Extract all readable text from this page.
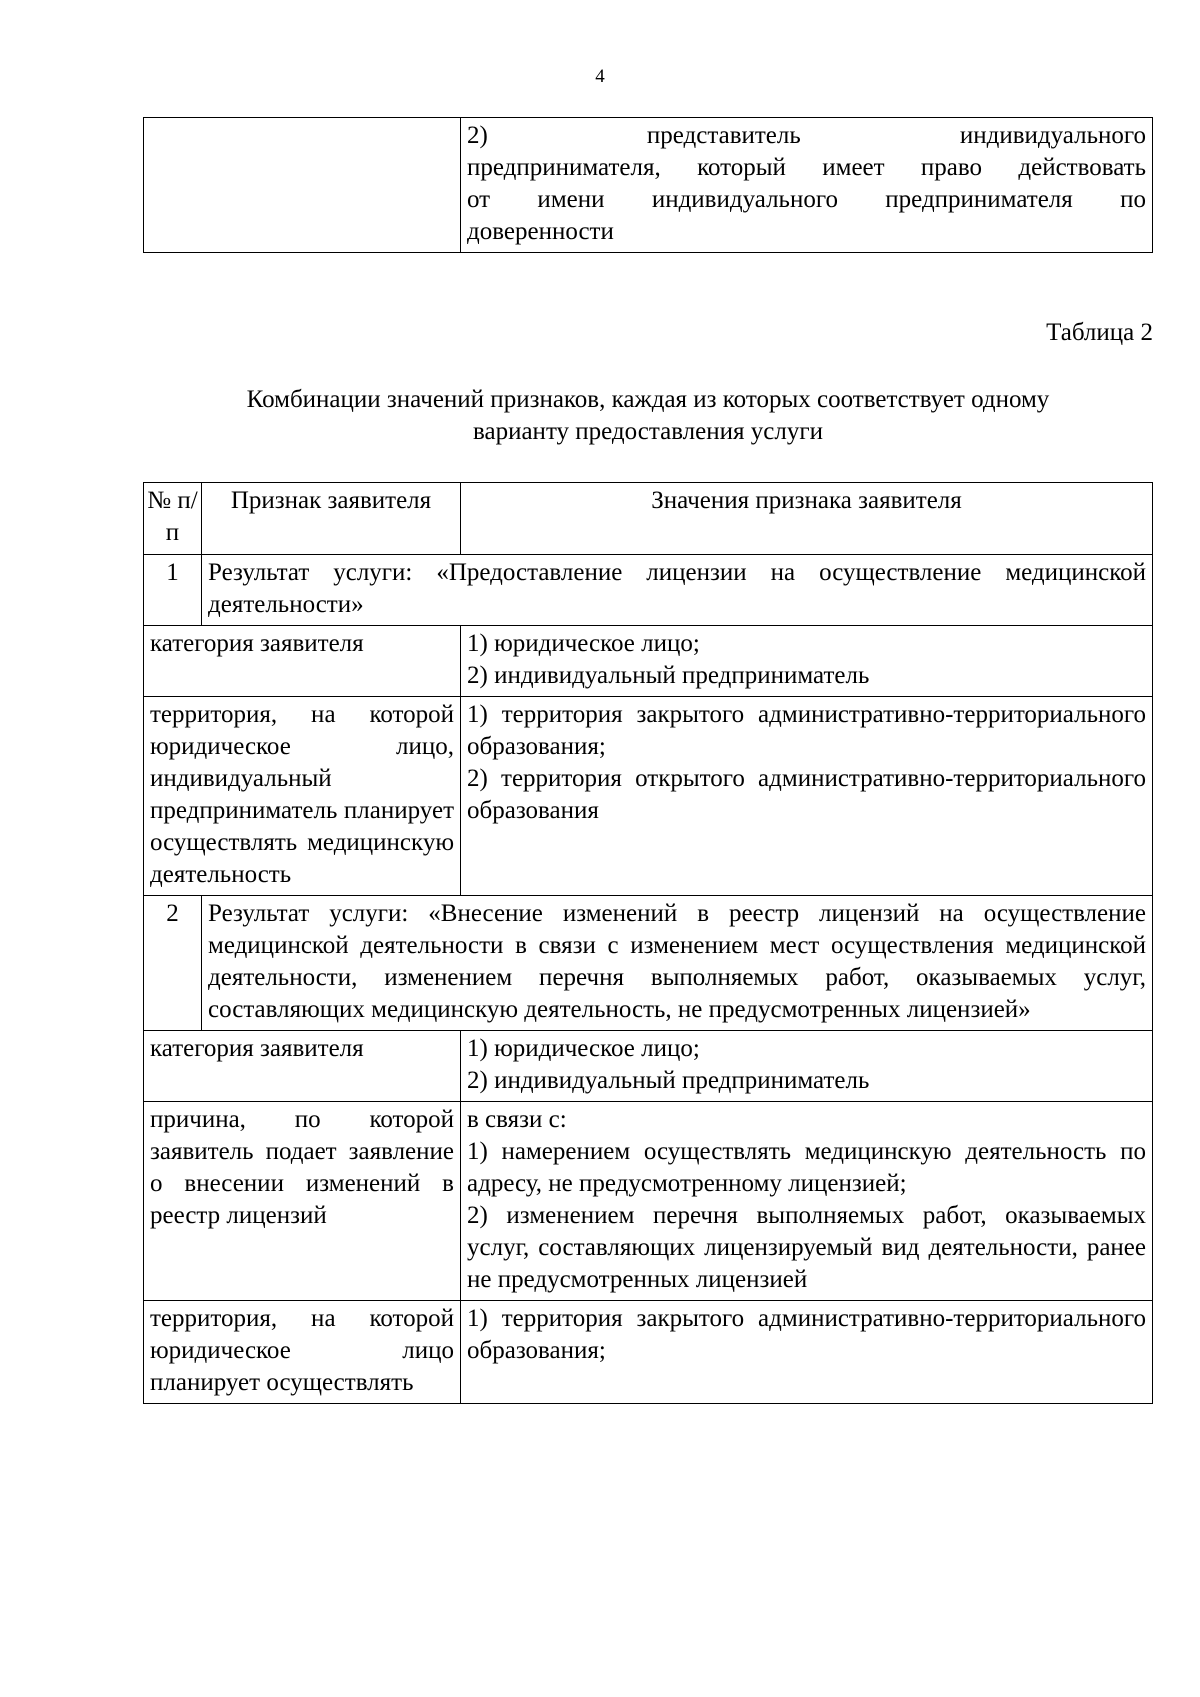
4

2) представитель индивидуального
предпринимателя, который имеет право действовать
от имени индивидуального предпринимателя по
доверенности
Таблица 2
Комбинации значений признаков, каждая из которых соответствует одному
варианту предоставления услуги
№ п/п	Признак заявителя	Значения признака заявителя
1	Результат услуги: «Предоставление лицензии на осуществление медицинской деятельности»	
категория заявителя		1) юридическое лицо;
2) индивидуальный предприниматель

территория, на которой юридическое лицо, индивидуальный предприниматель планирует осуществлять медицинскую деятельность		1) территория закрытого административно-территориального образования;
2) территория открытого административно-территориального образования

2	Результат услуги: «Внесение изменений в реестр лицензий на осуществление медицинской деятельности в связи с изменением мест осуществления медицинской деятельности, изменением перечня выполняемых работ, оказываемых услуг, составляющих медицинскую деятельность, не предусмотренных лицензией»	
категория заявителя		1) юридическое лицо;
2) индивидуальный предприниматель

причина, по которой заявитель подает заявление о внесении изменений в реестр лицензий		в связи с:
1) намерением осуществлять медицинскую деятельность по адресу, не предусмотренному лицензией;
2) изменением перечня выполняемых работ, оказываемых услуг, составляющих лицензируемый вид деятельности, ранее не предусмотренных лицензией

территория, на которой юридическое лицо планирует осуществлять		1) территория закрытого административно-территориального образования;
